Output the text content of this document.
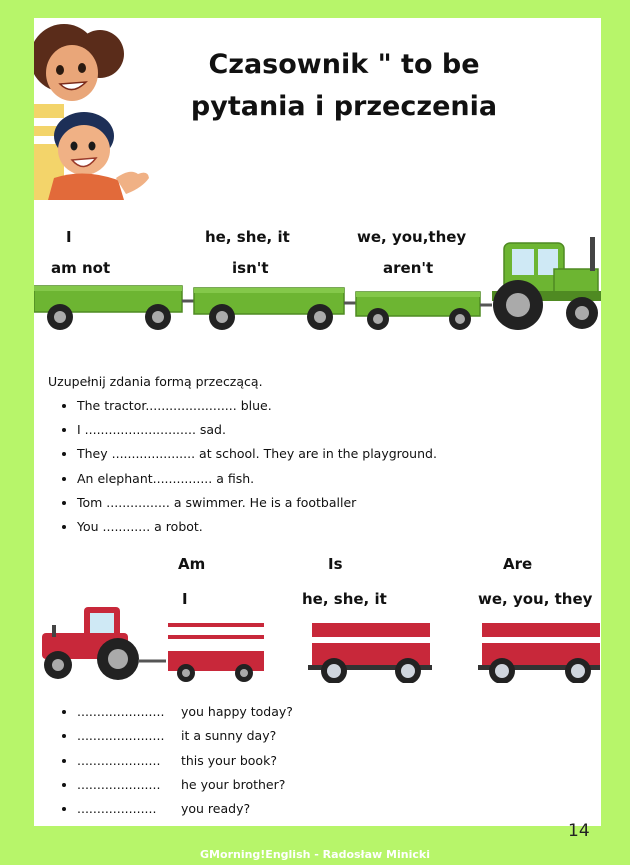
Czasownik " to be
pytania i przeczenia
I
am not
he, she, it
isn't
we, you,they
aren't
Uzupełnij zdania formą przeczącą.
• The tractor....................... blue.
• I ............................ sad.
• They ..................... at school. They are in the playground.
• An elephant............... a fish.
• Tom ................ a swimmer. He is a footballer
• You ............ a robot.
Am
I
Is
he, she, it
Are
we, you, they
• ...................... you happy today?
• ...................... it a sunny day?
• ..................... this your book?
• ..................... he your brother?
• .................... you ready?
14
GMorning!English - Radosław Minicki
